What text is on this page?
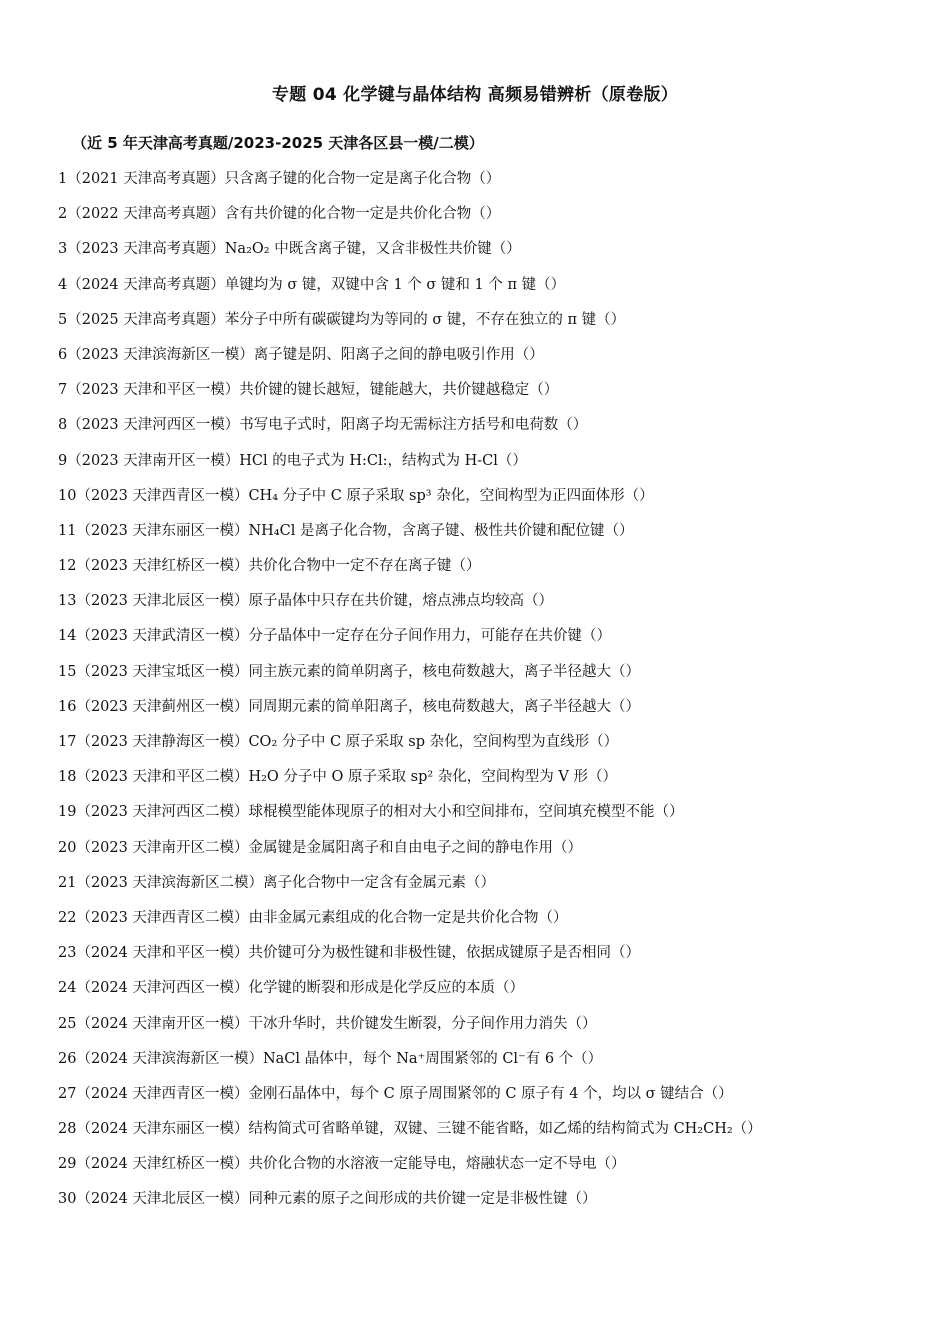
专题 04 化学键与晶体结构 高频易错辨析（原卷版）
（近 5 年天津高考真题/2023-2025 天津各区县一模/二模）
1（2021 天津高考真题）只含离子键的化合物一定是离子化合物（）
2（2022 天津高考真题）含有共价键的化合物一定是共价化合物（）
3（2023 天津高考真题）Na₂O₂ 中既含离子键，又含非极性共价键（）
4（2024 天津高考真题）单键均为 σ 键，双键中含 1 个 σ 键和 1 个 π 键（）
5（2025 天津高考真题）苯分子中所有碳碳键均为等同的 σ 键，不存在独立的 π 键（）
6（2023 天津滨海新区一模）离子键是阴、阳离子之间的静电吸引作用（）
7（2023 天津和平区一模）共价键的键长越短，键能越大，共价键越稳定（）
8（2023 天津河西区一模）书写电子式时，阳离子均无需标注方括号和电荷数（）
9（2023 天津南开区一模）HCl 的电子式为 H:Cl:，结构式为 H-Cl（）
10（2023 天津西青区一模）CH₄ 分子中 C 原子采取 sp³ 杂化，空间构型为正四面体形（）
11（2023 天津东丽区一模）NH₄Cl 是离子化合物，含离子键、极性共价键和配位键（）
12（2023 天津红桥区一模）共价化合物中一定不存在离子键（）
13（2023 天津北辰区一模）原子晶体中只存在共价键，熔点沸点均较高（）
14（2023 天津武清区一模）分子晶体中一定存在分子间作用力，可能存在共价键（）
15（2023 天津宝坻区一模）同主族元素的简单阴离子，核电荷数越大，离子半径越大（）
16（2023 天津蓟州区一模）同周期元素的简单阳离子，核电荷数越大，离子半径越大（）
17（2023 天津静海区一模）CO₂ 分子中 C 原子采取 sp 杂化，空间构型为直线形（）
18（2023 天津和平区二模）H₂O 分子中 O 原子采取 sp² 杂化，空间构型为 V 形（）
19（2023 天津河西区二模）球棍模型能体现原子的相对大小和空间排布，空间填充模型不能（）
20（2023 天津南开区二模）金属键是金属阳离子和自由电子之间的静电作用（）
21（2023 天津滨海新区二模）离子化合物中一定含有金属元素（）
22（2023 天津西青区二模）由非金属元素组成的化合物一定是共价化合物（）
23（2024 天津和平区一模）共价键可分为极性键和非极性键，依据成键原子是否相同（）
24（2024 天津河西区一模）化学键的断裂和形成是化学反应的本质（）
25（2024 天津南开区一模）干冰升华时，共价键发生断裂，分子间作用力消失（）
26（2024 天津滨海新区一模）NaCl 晶体中，每个 Na⁺周围紧邻的 Cl⁻有 6 个（）
27（2024 天津西青区一模）金刚石晶体中，每个 C 原子周围紧邻的 C 原子有 4 个，均以 σ 键结合（）
28（2024 天津东丽区一模）结构简式可省略单键，双键、三键不能省略，如乙烯的结构简式为 CH₂CH₂（）
29（2024 天津红桥区一模）共价化合物的水溶液一定能导电，熔融状态一定不导电（）
30（2024 天津北辰区一模）同种元素的原子之间形成的共价键一定是非极性键（）
